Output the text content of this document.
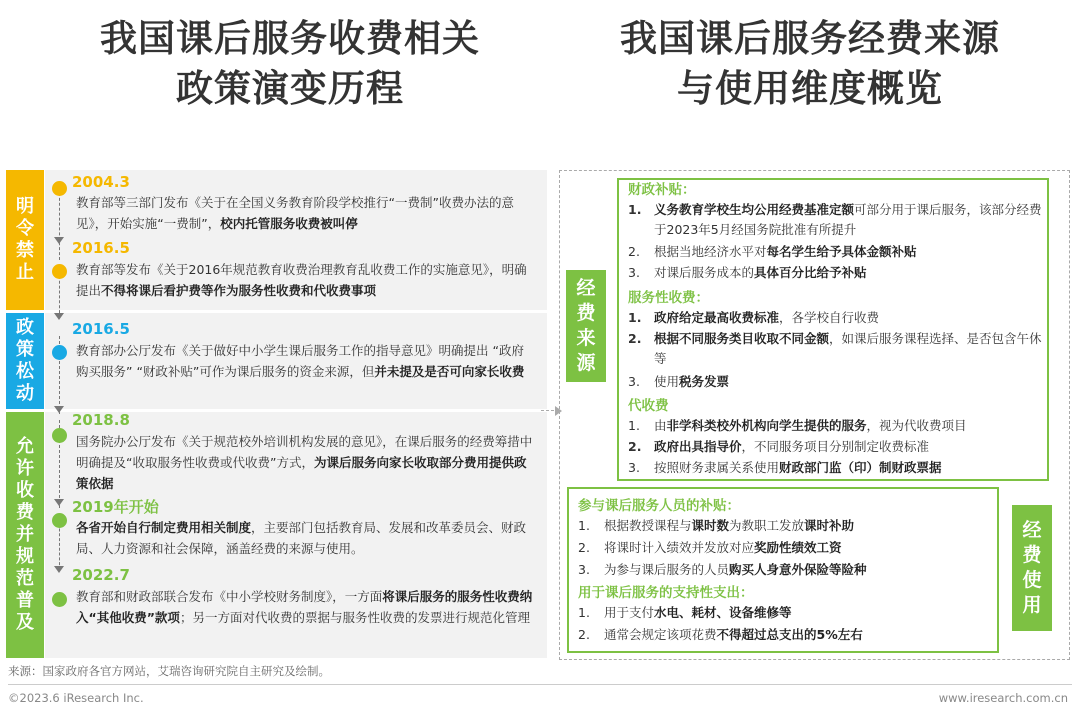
我国课后服务收费相关
政策演变历程
我国课后服务经费来源
与使用维度概览
明令禁止
政策松动
允许收费并规范普及
2004.3
教育部等三部门发布《关于在全国义务教育阶段学校推行“一费制”收费办法的意见》，开始实施“一费制”，校内托管服务收费被叫停
2016.5
教育部等发布《关于2016年规范教育收费治理教育乱收费工作的实施意见》，明确提出不得将课后看护费等作为服务性收费和代收费事项
2016.5
教育部办公厅发布《关于做好中小学生课后服务工作的指导意见》明确提出 “政府购买服务” “财政补贴”可作为课后服务的资金来源，但并未提及是否可向家长收费
2018.8
国务院办公厅发布《关于规范校外培训机构发展的意见》，在课后服务的经费筹措中明确提及“收取服务性收费或代收费”方式，为课后服务向家长收取部分费用提供政策依据
2019年开始
各省开始自行制定费用相关制度，主要部门包括教育局、发展和改革委员会、财政局、人力资源和社会保障，涵盖经费的来源与使用。
2022.7
教育部和财政部联合发布《中小学校财务制度》，一方面将课后服务的服务性收费纳入“其他收费”款项；另一方面对代收费的票据与服务性收费的发票进行规范化管理
经费来源
经费使用
财政补贴：
1.	义务教育学校生均公用经费基准定额可部分用于课后服务，该部分经费于2023年5月经国务院批准有所提升
2.	根据当地经济水平对每名学生给予具体金额补贴
3.	对课后服务成本的具体百分比给予补贴
服务性收费：
1.	政府给定最高收费标准，各学校自行收费
2.	根据不同服务类目收取不同金额，如课后服务课程选择、是否包含午休等
3.	使用税务发票
代收费
1.	由非学科类校外机构向学生提供的服务，视为代收费项目
2.	政府出具指导价，不同服务项目分别制定收费标准
3.	按照财务隶属关系使用财政部门监（印）制财政票据
参与课后服务人员的补贴：
1.	根据教授课程与课时数为教职工发放课时补助
2.	将课时计入绩效并发放对应奖励性绩效工资
3.	为参与课后服务的人员购买人身意外保险等险种
用于课后服务的支持性支出：
1.	用于支付水电、耗材、设备维修等
2.	通常会规定该项花费不得超过总支出的5%左右
来源：国家政府各官方网站，艾瑞咨询研究院自主研究及绘制。
©2023.6 iResearch Inc.	www.iresearch.com.cn
